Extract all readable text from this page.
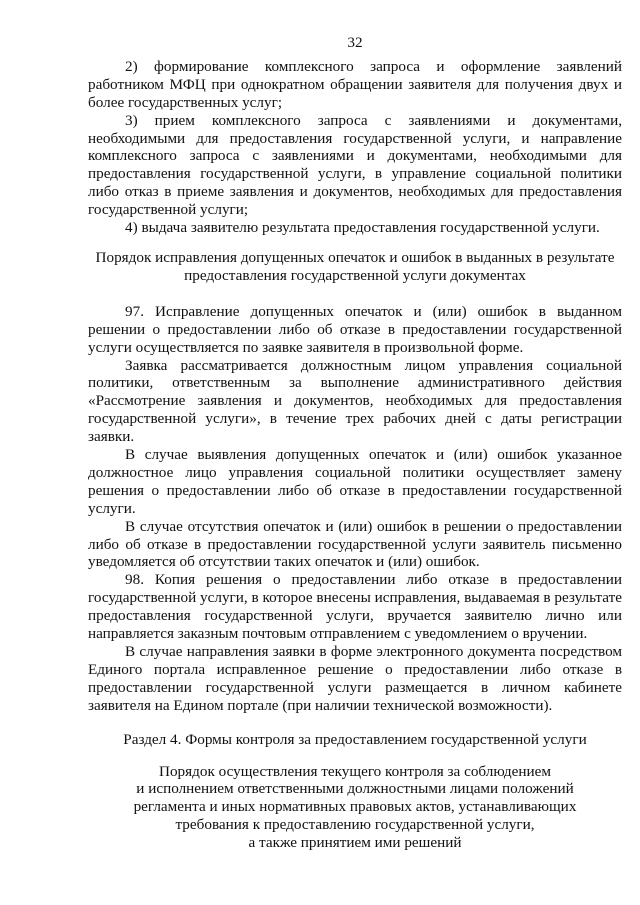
32

2) формирование комплексного запроса и оформление заявлений работником МФЦ при однократном обращении заявителя для получения двух и более государственных услуг;

3) прием комплексного запроса с заявлениями и документами, необходимыми для предоставления государственной услуги, и направление комплексного запроса с заявлениями и документами, необходимыми для предоставления государственной услуги, в управление социальной политики либо отказ в приеме заявления и документов, необходимых для предоставления государственной услуги;

4) выдача заявителю результата предоставления государственной услуги.

Порядок исправления допущенных опечаток и ошибок в выданных в результате предоставления государственной услуги документах

97. Исправление допущенных опечаток и (или) ошибок в выданном решении о предоставлении либо об отказе в предоставлении государственной услуги осуществляется по заявке заявителя в произвольной форме.

Заявка рассматривается должностным лицом управления социальной политики, ответственным за выполнение административного действия «Рассмотрение заявления и документов, необходимых для предоставления государственной услуги», в течение трех рабочих дней с даты регистрации заявки.

В случае выявления допущенных опечаток и (или) ошибок указанное должностное лицо управления социальной политики осуществляет замену решения о предоставлении либо об отказе в предоставлении государственной услуги.

В случае отсутствия опечаток и (или) ошибок в решении о предоставлении либо об отказе в предоставлении государственной услуги заявитель письменно уведомляется об отсутствии таких опечаток и (или) ошибок.

98. Копия решения о предоставлении либо отказе в предоставлении государственной услуги, в которое внесены исправления, выдаваемая в результате предоставления государственной услуги, вручается заявителю лично или направляется заказным почтовым отправлением с уведомлением о вручении.

В случае направления заявки в форме электронного документа посредством Единого портала исправленное решение о предоставлении либо отказе в предоставлении государственной услуги размещается в личном кабинете заявителя на Едином портале (при наличии технической возможности).

Раздел 4. Формы контроля за предоставлением государственной услуги

Порядок осуществления текущего контроля за соблюдением
и исполнением ответственными должностными лицами положений
регламента и иных нормативных правовых актов, устанавливающих
требования к предоставлению государственной услуги,
а также принятием ими решений
